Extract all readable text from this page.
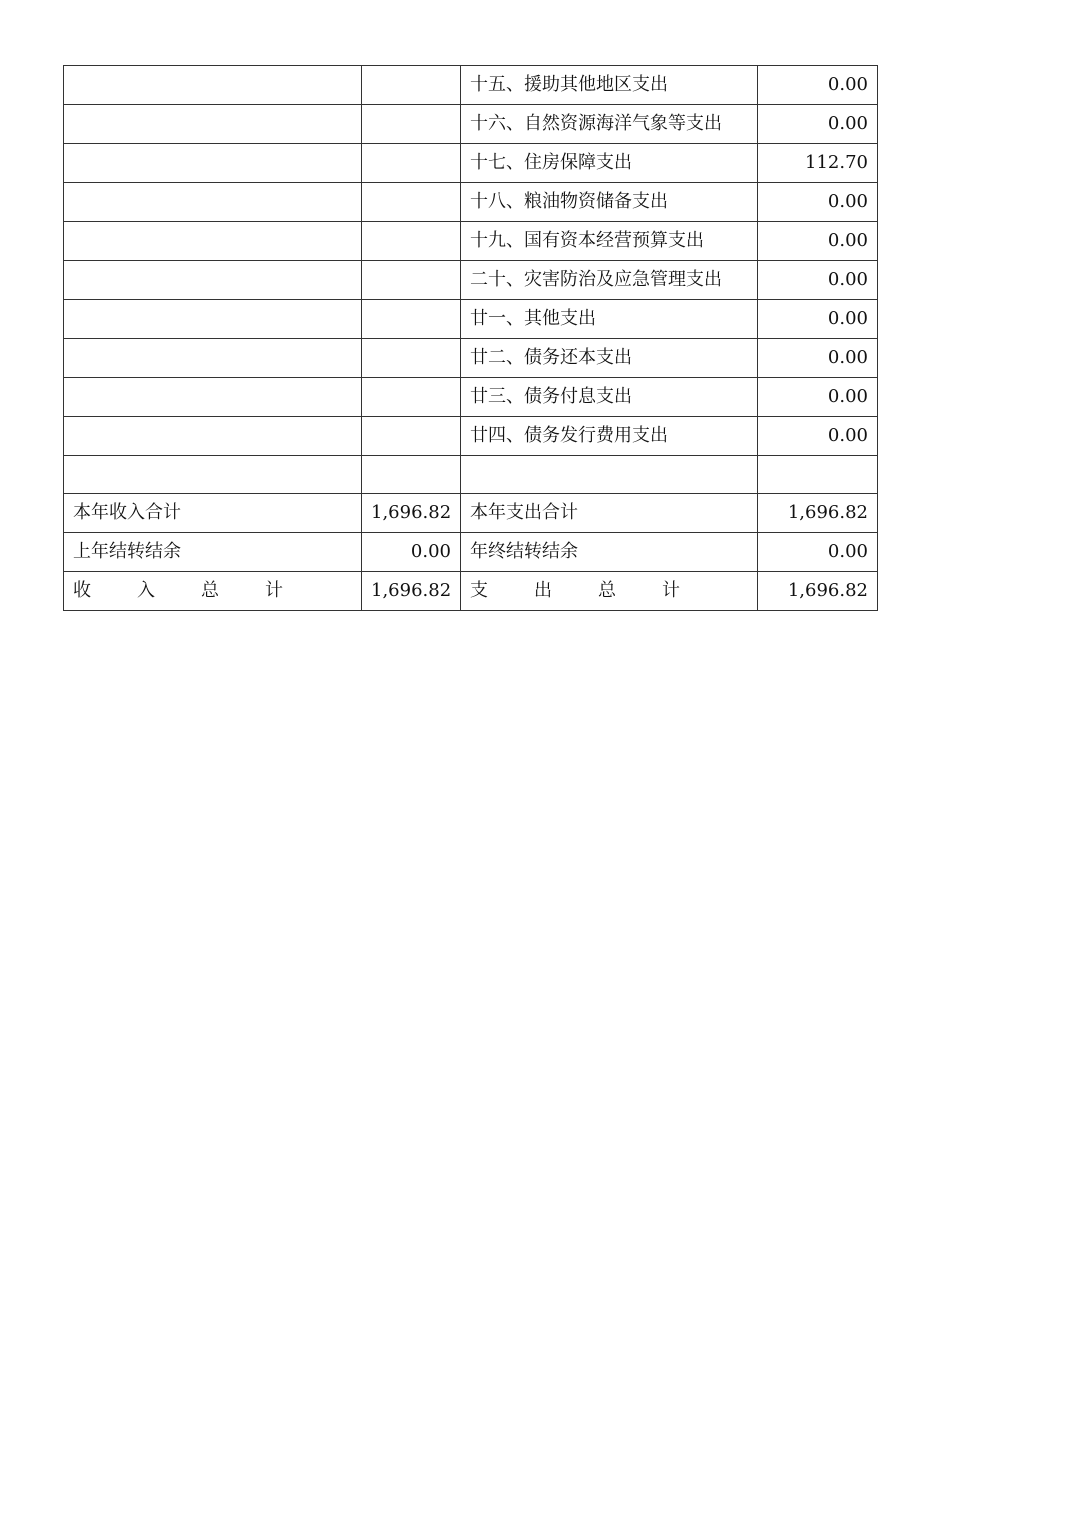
		十五、援助其他地区支出	0.00
		十六、自然资源海洋气象等支出	0.00
		十七、住房保障支出	112.70
		十八、粮油物资储备支出	0.00
		十九、国有资本经营预算支出	0.00
		二十、灾害防治及应急管理支出	0.00
		廿一、其他支出	0.00
		廿二、债务还本支出	0.00
		廿三、债务付息支出	0.00
		廿四、债务发行费用支出	0.00

本年收入合计	1,696.82	本年支出合计	1,696.82
上年结转结余	0.00	年终结转结余	0.00
收 入 总 计	1,696.82	支 出 总 计	1,696.82
